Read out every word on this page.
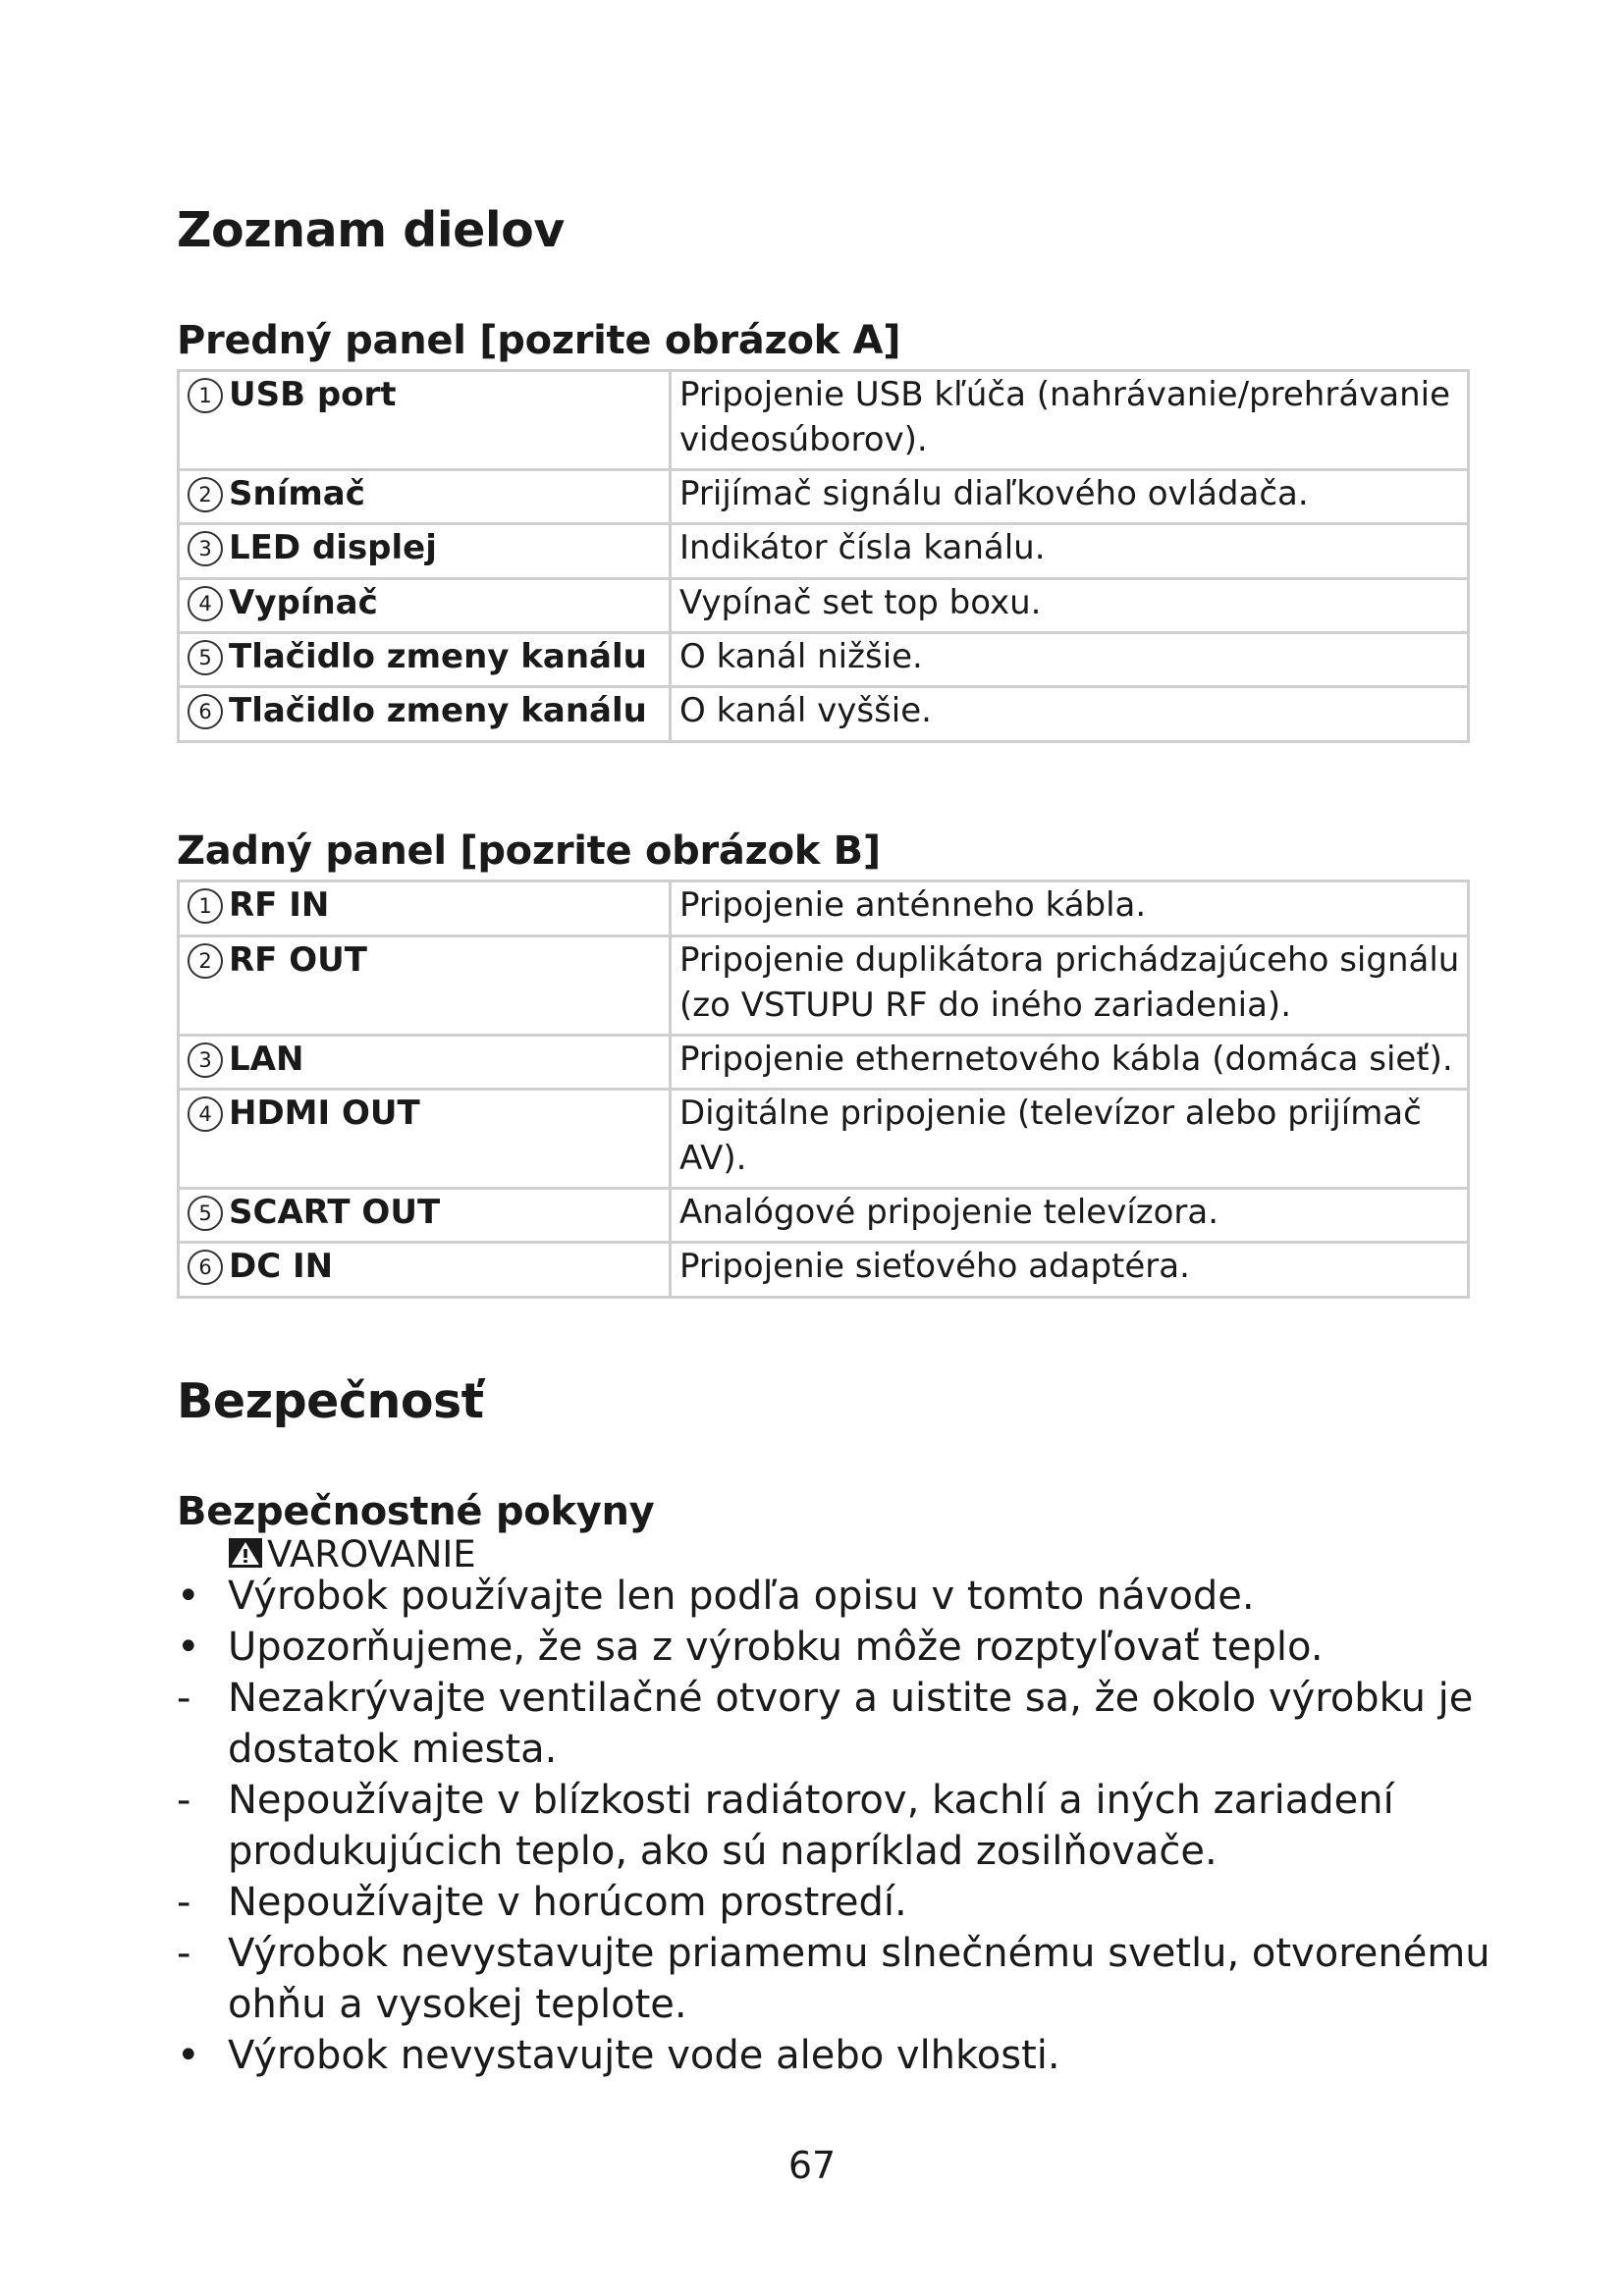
Zoznam dielov
Predný panel [pozrite obrázok A]
1 USB port	Pripojenie USB kľúča (nahrávanie/prehrávanie
videosúborov).

2 Snímač	Prijímač signálu diaľkového ovládača.

3 LED displej	Indikátor čísla kanálu.

4 Vypínač	Vypínač set top boxu.

5 Tlačidlo zmeny kanálu	O kanál nižšie.

6 Tlačidlo zmeny kanálu	O kanál vyššie.
Zadný panel [pozrite obrázok B]
1 RF IN	Pripojenie anténneho kábla.

2 RF OUT	Pripojenie duplikátora prichádzajúceho signálu
(zo VSTUPU RF do iného zariadenia).

3 LAN	Pripojenie ethernetového kábla (domáca sieť).

4 HDMI OUT	Digitálne pripojenie (televízor alebo prijímač
AV).

5 SCART OUT	Analógové pripojenie televízora.

6 DC IN	Pripojenie sieťového adaptéra.
Bezpečnosť
Bezpečnostné pokyny
VAROVANIE
• Výrobok používajte len podľa opisu v tomto návode.
• Upozorňujeme, že sa z výrobku môže rozptyľovať teplo.
- Nezakrývajte ventilačné otvory a uistite sa, že okolo výrobku je
dostatok miesta.
- Nepoužívajte v blízkosti radiátorov, kachlí a iných zariadení
produkujúcich teplo, ako sú napríklad zosilňovače.
- Nepoužívajte v horúcom prostredí.
- Výrobok nevystavujte priamemu slnečnému svetlu, otvorenému
ohňu a vysokej teplote.
• Výrobok nevystavujte vode alebo vlhkosti.
67
